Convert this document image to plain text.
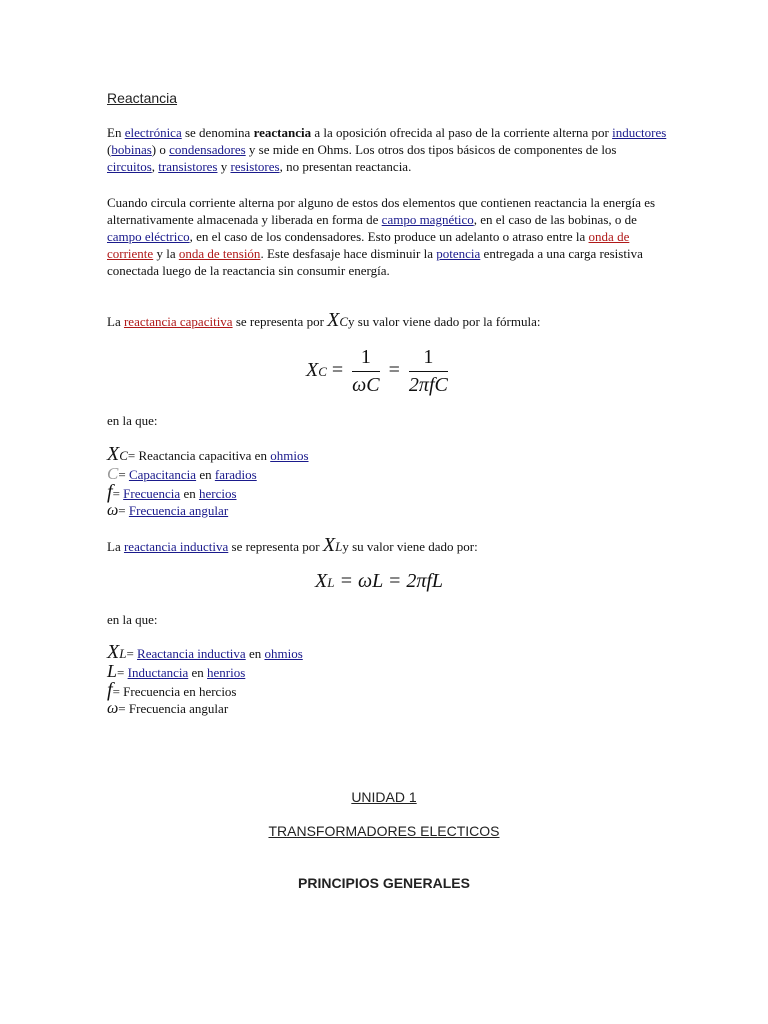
Reactancia
En electrónica se denomina reactancia a la oposición ofrecida al paso de la corriente alterna por inductores (bobinas) o condensadores y se mide en Ohms. Los otros dos tipos básicos de componentes de los circuitos, transistores y resistores, no presentan reactancia.
Cuando circula corriente alterna por alguno de estos dos elementos que contienen reactancia la energía es alternativamente almacenada y liberada en forma de campo magnético, en el caso de las bobinas, o de campo eléctrico, en el caso de los condensadores. Esto produce un adelanto o atraso entre la onda de corriente y la onda de tensión. Este desfasaje hace disminuir la potencia entregada a una carga resistiva conectada luego de la reactancia sin consumir energía.
La reactancia capacitiva se representa por XCy su valor viene dado por la fórmula:
XC = $\frac{1}{\omega C} = \frac{1}{\text{2πfC}}$
en la que:
XC= Reactancia capacitiva en ohmios
C= Capacitancia en faradios
f= Frecuencia en hercios
ω= Frecuencia angular
La reactancia inductiva se representa por XLy su valor viene dado por:
XL = ωL = 2πfL
en la que:
XL= Reactancia inductiva en ohmios
L= Inductancia en henrios
f= Frecuencia en hercios
ω= Frecuencia angular
UNIDAD 1
TRANSFORMADORES ELECTICOS
PRINCIPIOS GENERALES
